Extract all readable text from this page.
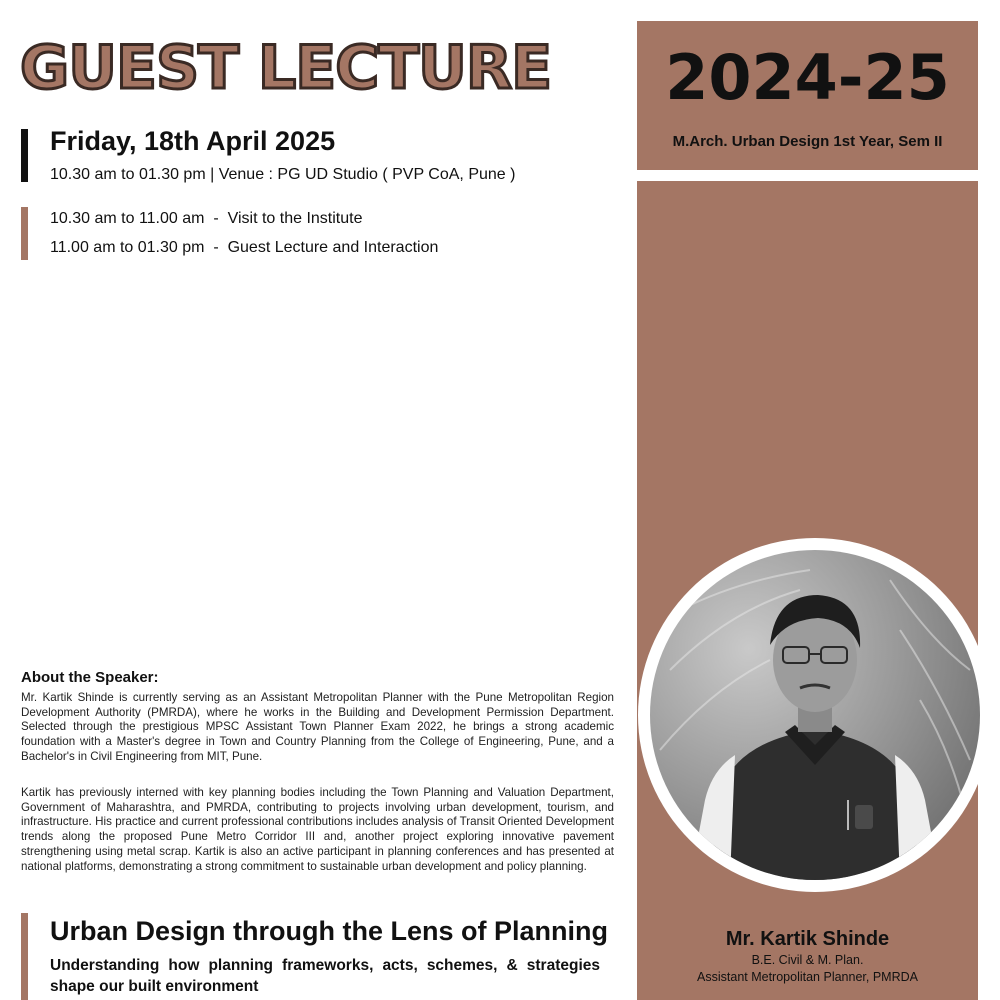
GUEST LECTURE
Friday, 18th April 2025
10.30 am to 01.30 pm | Venue : PG UD Studio ( PVP CoA, Pune )
10.30 am to 11.00 am  -  Visit to the Institute
11.00 am to 01.30 pm  -  Guest Lecture and Interaction
About the Speaker:

Mr. Kartik Shinde is currently serving as an Assistant Metropolitan Planner with the Pune Metropolitan Region Development Authority (PMRDA), where he works in the Building and Development Permission Department. Selected through the prestigious MPSC Assistant Town Planner Exam 2022, he brings a strong academic foundation with a Master's degree in Town and Country Planning from the College of Engineering, Pune, and a Bachelor's in Civil Engineering from MIT, Pune.

Kartik has previously interned with key planning bodies including the Town Planning and Valuation Department, Government of Maharashtra, and PMRDA, contributing to projects involving urban development, tourism, and infrastructure. His practice and current professional contributions includes analysis of Transit Oriented Development trends along the proposed Pune Metro Corridor III and, another project exploring innovative pavement strengthening using metal scrap. Kartik is also an active participant in planning conferences and has presented at national platforms, demonstrating a strong commitment to sustainable urban development and policy planning.

Urban Design through the Lens of Planning
Understanding how planning frameworks, acts, schemes, & strategies shape our built environment
2024-25
M.Arch. Urban Design 1st Year, Sem II
Mr. Kartik Shinde
B.E. Civil & M. Plan.
Assistant Metropolitan Planner, PMRDA
